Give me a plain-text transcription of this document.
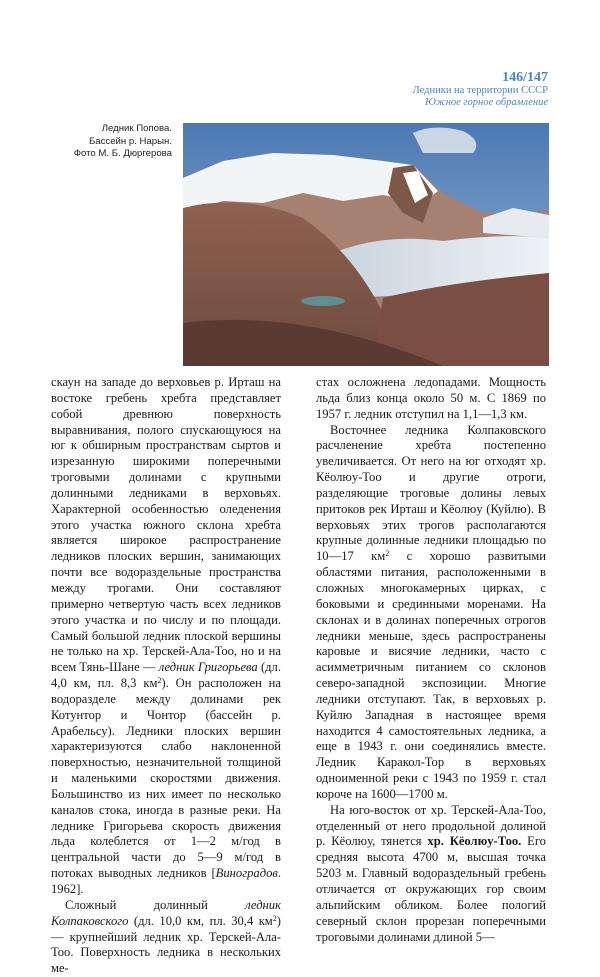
146/147
Ледники на территории СССР
Южное горное обрамление
Ледник Попова.
Бассейн р. Нарын.
Фото М. Б. Дюргерова

скаун на западе до верховьев р. Ирташ на востоке гребень хребта представляет собой древнюю поверхность выравнивания, полого спускающуюся на юг к обширным пространствам сыртов и изрезанную широкими поперечными троговыми долинами с крупными долинными ледниками в верховьях. Характерной особенностью оледенения этого участка южного склона хребта является широкое распространение ледников плоских вершин, занимающих почти все водораздельные пространства между трогами. Они составляют примерно четвертую часть всех ледников этого участка и по числу и по площади. Самый большой ледник плоской вершины не только на хр. Терскей-Ала-Тоо, но и на всем Тянь-Шане — ледник Григорьева (дл. 4,0 км, пл. 8,3 $км^2$). Он расположен на водоразделе между долинами рек Котунтор и Чонтор (бассейн р. Арабельсу). Ледники плоских вершин характеризуются слабо наклоненной поверхностью, незначительной толщиной и маленькими скоростями движения. Большинство из них имеет по несколько каналов стока, иногда в разные реки. На леднике Григорьева скорость движения льда колеблется от 1—2 м/год в центральной части до 5—9 м/год в потоках выводных ледников [Виноградов. 1962].

Сложный долинный ледник Колпаковского (дл. 10,0 км, пл. 30,4 $км^2$) — крупнейший ледник хр. Терскей-Ала-Тоо. Поверхность ледника в нескольких ме-

стах осложнена ледопадами. Мощность льда близ конца около 50 м. С 1869 по 1957 г. ледник отступил на 1,1—1,3 км.

Восточнее ледника Колпаковского расчленение хребта постепенно увеличивается. От него на юг отходят хр. Кёолюу-Тоо и другие отроги, разделяющие троговые долины левых притоков рек Ирташ и Кёолюу (Куйлю). В верховьях этих трогов располагаются крупные долинные ледники площадью по 10—17 $км^2$ с хорошо развитыми областями питания, расположенными в сложных многокамерных цирках, с боковыми и срединными моренами. На склонах и в долинах поперечных отрогов ледники меньше, здесь распространены каровые и висячие ледники, часто с асимметричным питанием со склонов северо-западной экспозиции. Многие ледники отступают. Так, в верховьях р. Куйлю Западная в настоящее время находится 4 самостоятельных ледника, а еще в 1943 г. они соединялись вместе. Ледник Каракол-Тор в верховьях одноименной реки с 1943 по 1959 г. стал короче на 1600—1700 м.

На юго-восток от хр. Терскей-Ала-Тоо, отделенный от него продольной долиной р. Кёолюу, тянется хр. Кёолюу-Тоо. Его средняя высота 4700 м, высшая точка 5203 м. Главный водораздельный гребень отличается от окружающих гор своим альпийским обликом. Более пологий северный склон прорезан поперечными троговыми долинами длиной 5—
